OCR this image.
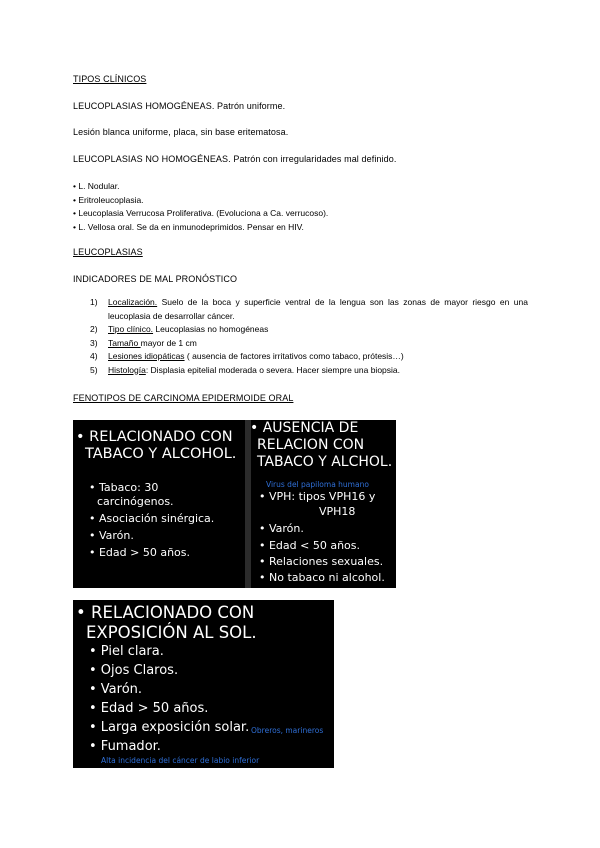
TIPOS CLÍNICOS
LEUCOPLASIAS HOMOGÉNEAS. Patrón uniforme.
Lesión blanca uniforme, placa, sin base eritematosa.
LEUCOPLASIAS NO HOMOGÉNEAS. Patrón con irregularidades mal definido.
• L. Nodular.
• Eritroleucoplasia.
• Leucoplasia Verrucosa Proliferativa. (Evoluciona a Ca. verrucoso).
• L. Vellosa oral. Se da en inmunodeprimidos. Pensar en HIV.
LEUCOPLASIAS
INDICADORES DE MAL PRONÓSTICO
1) Localización. Suelo de la boca y superficie ventral de la lengua son las zonas de mayor riesgo en una leucoplasia de desarrollar cáncer.
2) Tipo clínico. Leucoplasias no homogéneas
3) Tamaño mayor de 1 cm
4) Lesiones idiopáticas ( ausencia de factores irritativos como tabaco, prótesis…)
5) Histología: Displasia epitelial moderada o severa. Hacer siempre una biopsia.
FENOTIPOS DE CARCINOMA EPIDERMOIDE ORAL
• RELACIONADO CON
TABACO Y ALCOHOL.
• Tabaco: 30
carcinógenos.
• Asociación sinérgica.
• Varón.
• Edad > 50 años.
• AUSENCIA DE
RELACION CON
TABACO Y ALCHOL.
Virus del papiloma humano
• VPH: tipos VPH16 y
VPH18
• Varón.
• Edad < 50 años.
• Relaciones sexuales.
• No tabaco ni alcohol.
• RELACIONADO CON
EXPOSICIÓN AL SOL.
• Piel clara.
• Ojos Claros.
• Varón.
• Edad > 50 años.
• Larga exposición solar. Obreros, marineros
• Fumador.
Alta incidencia del cáncer de labio inferior
